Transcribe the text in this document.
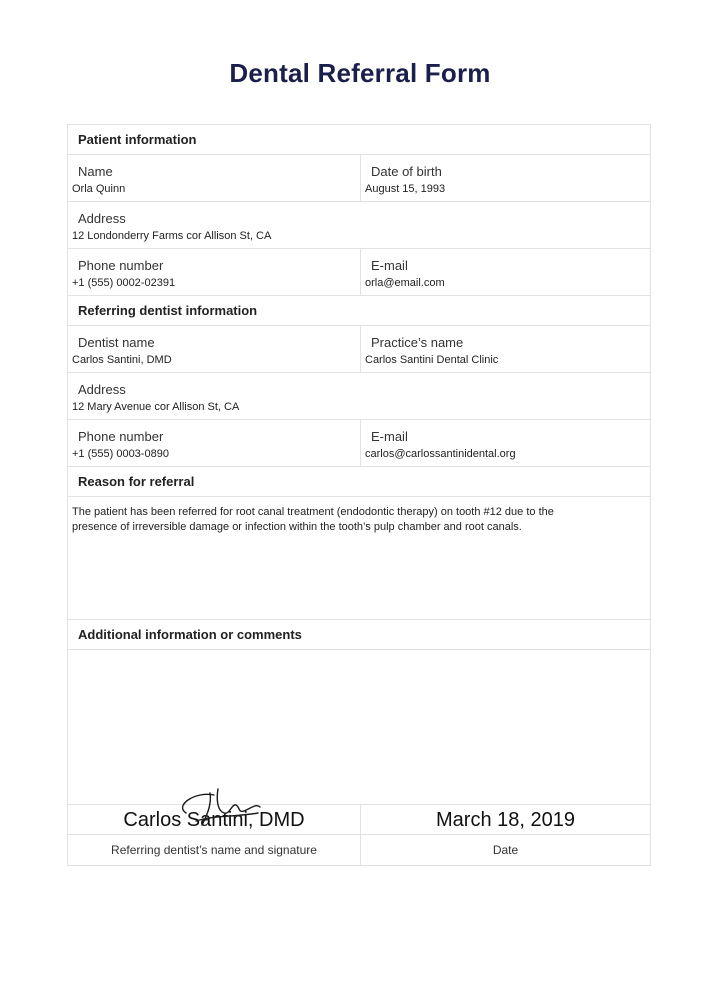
Dental Referral Form
Patient information
Name
Orla Quinn
Date of birth
August 15, 1993
Address
12 Londonderry Farms cor Allison St, CA
Phone number
+1 (555) 0002-02391
E-mail
orla@email.com
Referring dentist information
Dentist name
Carlos Santini, DMD
Practice’s name
Carlos Santini Dental Clinic
Address
12 Mary Avenue cor Allison St, CA
Phone number
+1 (555) 0003-0890
E-mail
carlos@carlossantinidental.org
Reason for referral
The patient has been referred for root canal treatment (endodontic therapy) on tooth #12 due to the
presence of irreversible damage or infection within the tooth’s pulp chamber and root canals.
Additional information or comments
Carlos Santini, DMD	March 18, 2019
Referring dentist’s name and signature	Date
